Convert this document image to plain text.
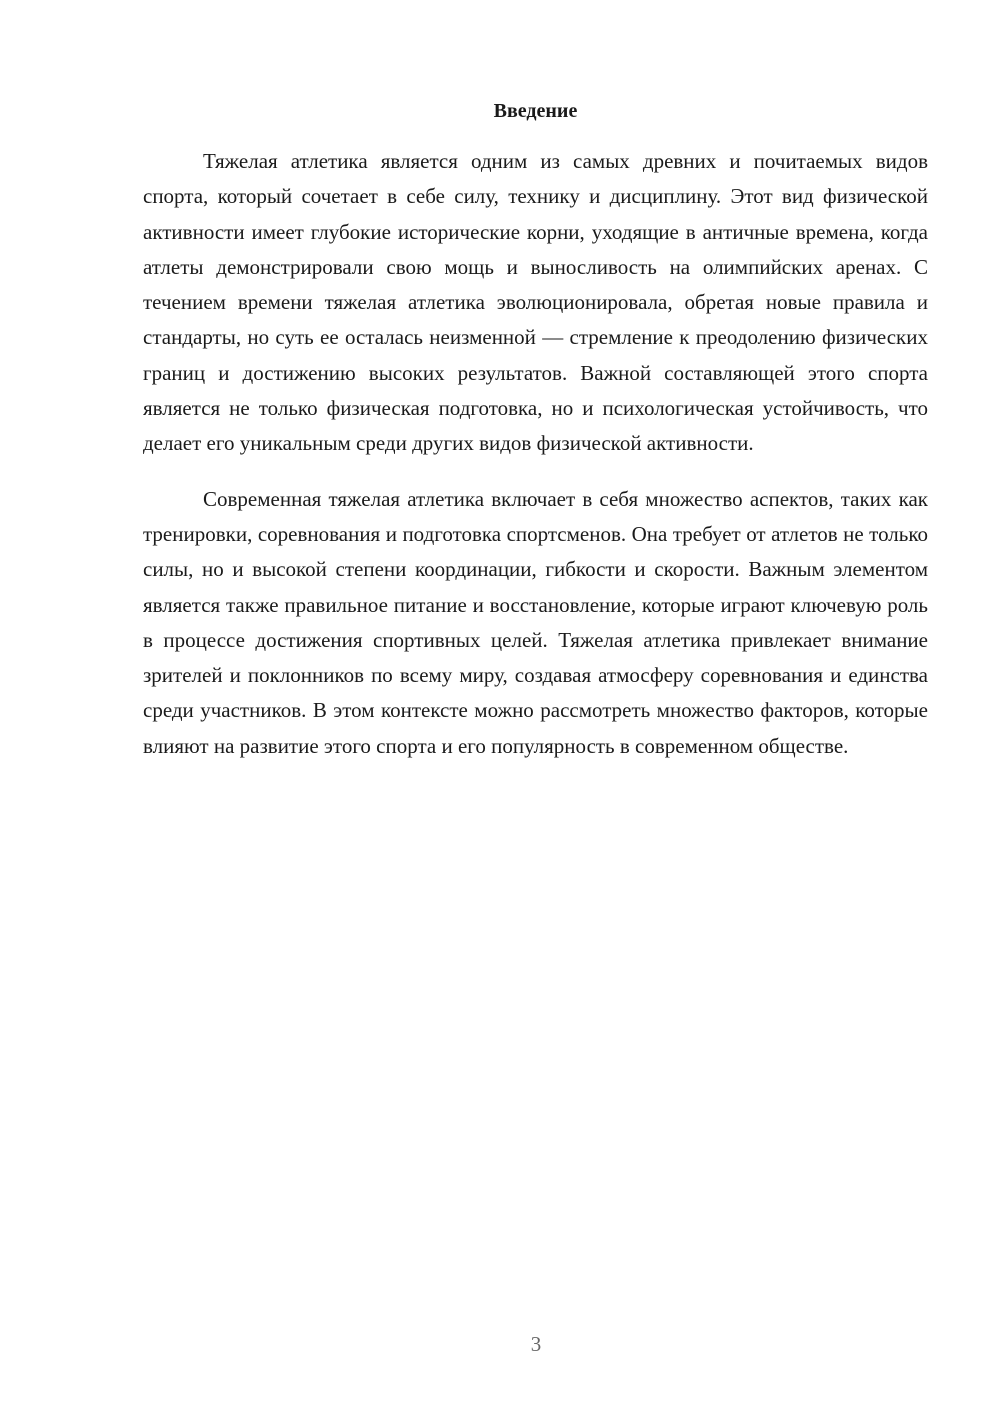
Введение

Тяжелая атлетика является одним из самых древних и почитаемых видов спорта, который сочетает в себе силу, технику и дисциплину. Этот вид физической активности имеет глубокие исторические корни, уходящие в античные времена, когда атлеты демонстрировали свою мощь и выносливость на олимпийских аренах. С течением времени тяжелая атлетика эволюционировала, обретая новые правила и стандарты, но суть ее осталась неизменной — стремление к преодолению физических границ и достижению высоких результатов. Важной составляющей этого спорта является не только физическая подготовка, но и психологическая устойчивость, что делает его уникальным среди других видов физической активности.

Современная тяжелая атлетика включает в себя множество аспектов, таких как тренировки, соревнования и подготовка спортсменов. Она требует от атлетов не только силы, но и высокой степени координации, гибкости и скорости. Важным элементом является также правильное питание и восстановление, которые играют ключевую роль в процессе достижения спортивных целей. Тяжелая атлетика привлекает внимание зрителей и поклонников по всему миру, создавая атмосферу соревнования и единства среди участников. В этом контексте можно рассмотреть множество факторов, которые влияют на развитие этого спорта и его популярность в современном обществе.

3
